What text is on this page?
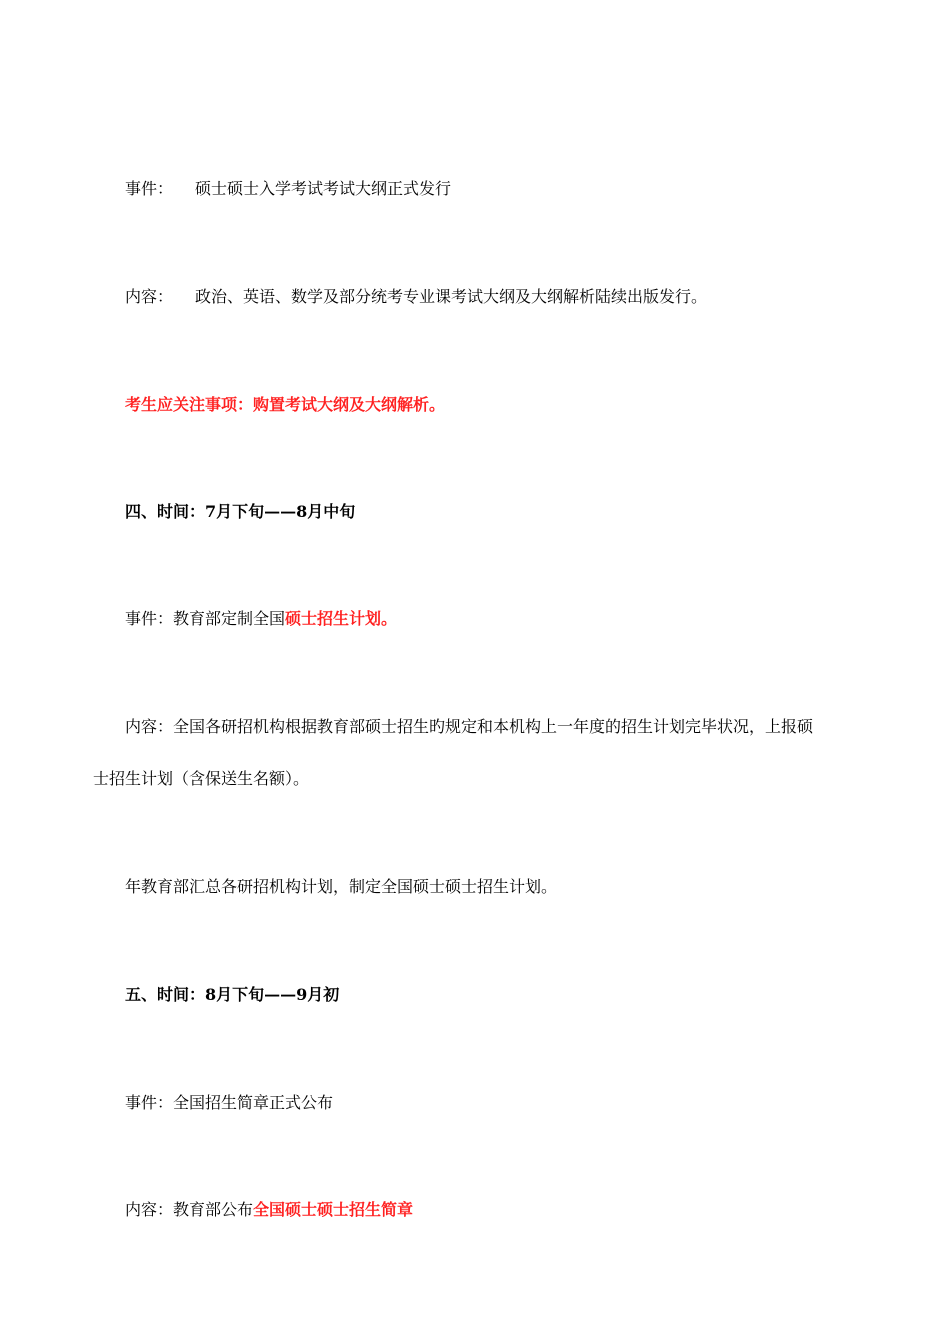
事件： 硕士硕士入学考试考试大纲正式发行
内容： 政治、英语、数学及部分统考专业课考试大纲及大纲解析陆续出版发行。
考生应关注事项：购置考试大纲及大纲解析。
四、时间：7月下旬——8月中旬
事件：教育部定制全国硕士招生计划。
内容：全国各研招机构根据教育部硕士招生旳规定和本机构上一年度的招生计划完毕状况，上报硕
士招生计划（含保送生名额）。
年教育部汇总各研招机构计划，制定全国硕士硕士招生计划。
五、时间：8月下旬——9月初
事件：全国招生简章正式公布
内容：教育部公布全国硕士硕士招生简章
